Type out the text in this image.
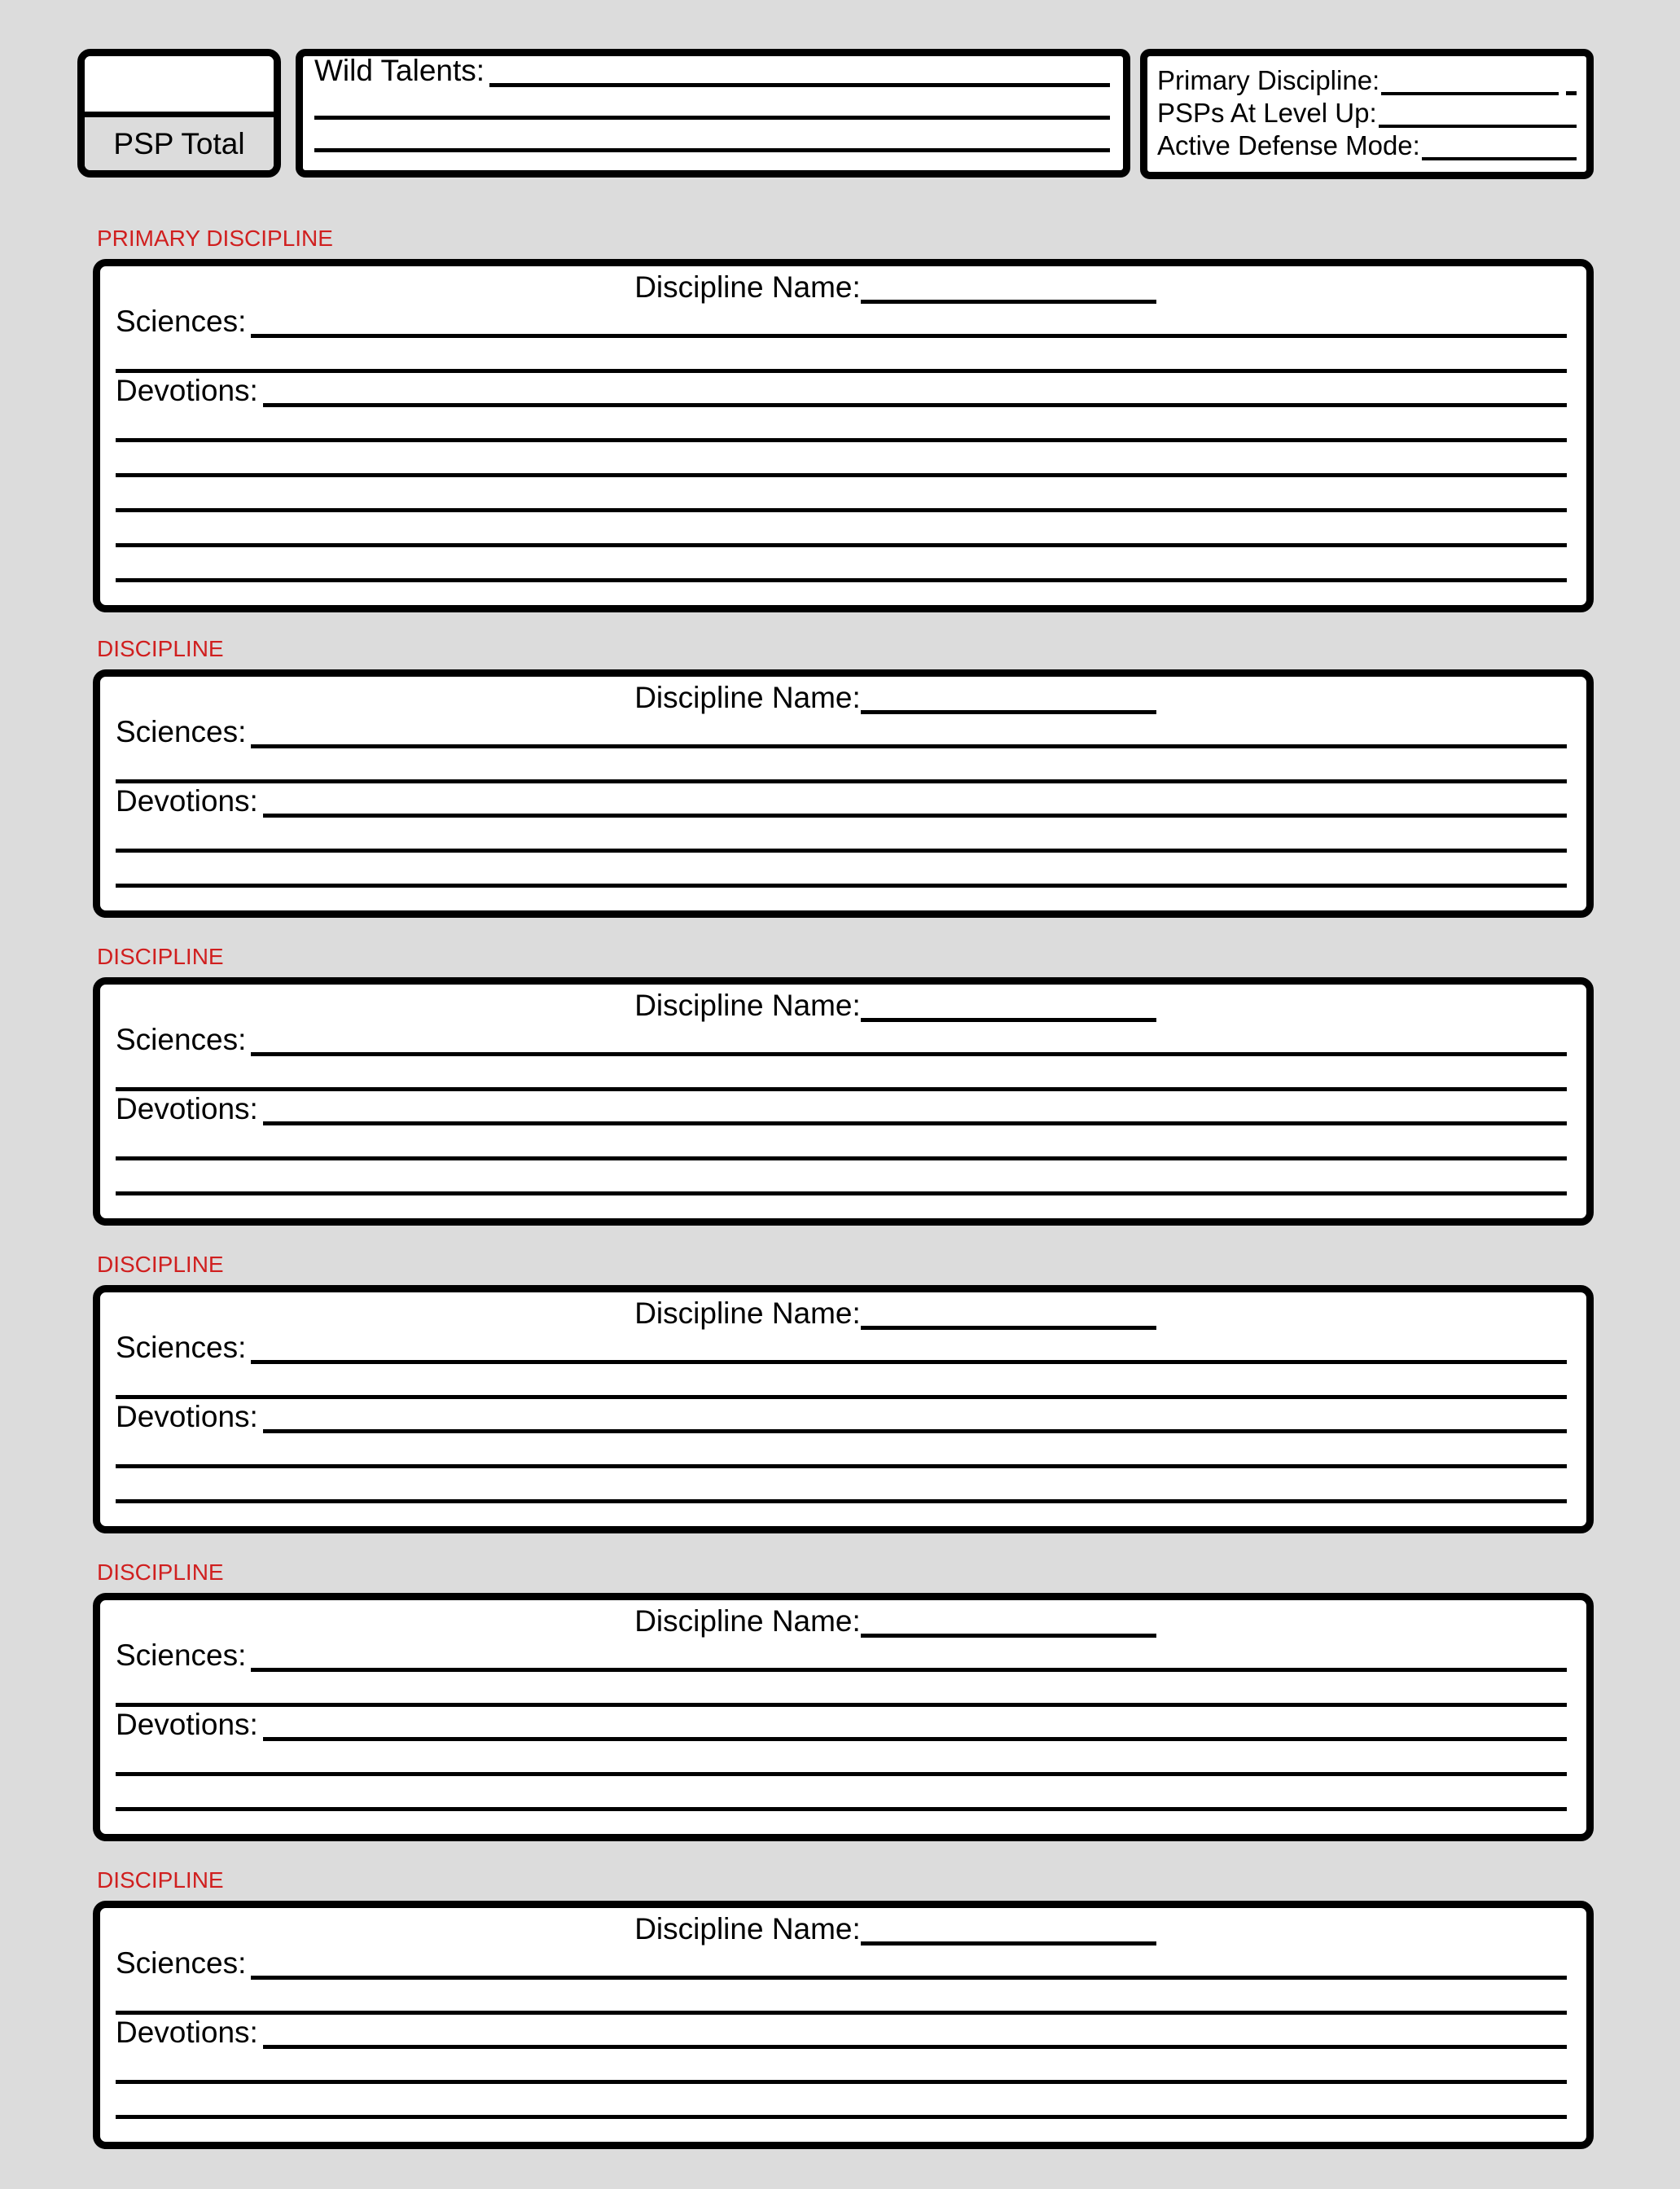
PSP Total
Wild Talents:	Primary Discipline:
PSPs At Level Up:
Active Defense Mode:
PRIMARY DISCIPLINE
Discipline Name:
Sciences:
Devotions:
DISCIPLINE
Discipline Name:
Sciences:
Devotions:
DISCIPLINE
Discipline Name:
Sciences:
Devotions:
DISCIPLINE
Discipline Name:
Sciences:
Devotions:
DISCIPLINE
Discipline Name:
Sciences:
Devotions:
DISCIPLINE
Discipline Name:
Sciences:
Devotions:
